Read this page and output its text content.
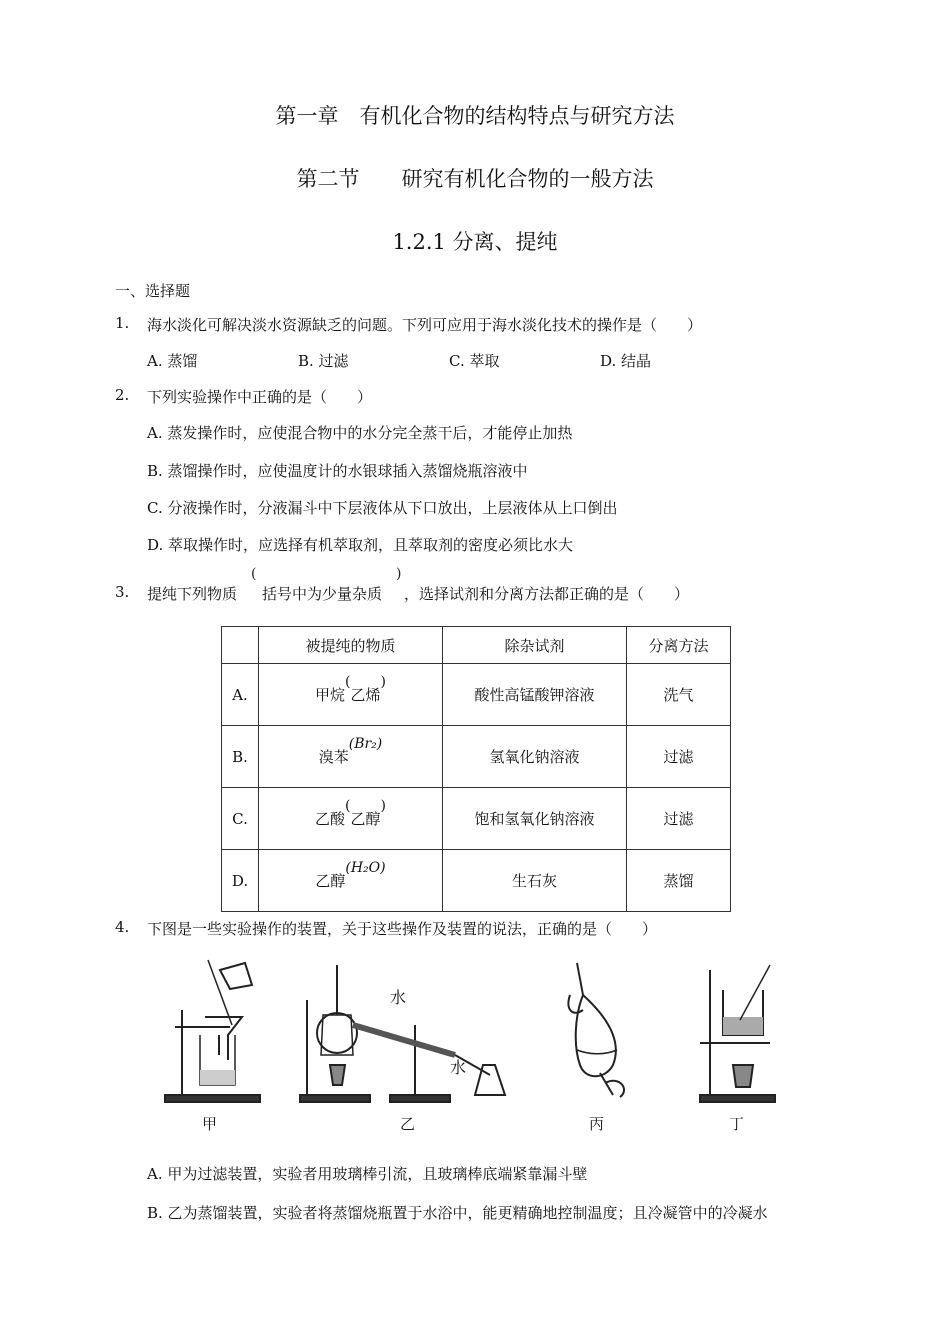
第一章　有机化合物的结构特点与研究方法
第二节　　研究有机化合物的一般方法
1.2.1 分离、提纯
一、选择题
1. 海水淡化可解决淡水资源缺乏的问题。下列可应用于海水淡化技术的操作是（　　）
A. 蒸馏	B. 过滤	C. 萃取	D. 结晶
2. 下列实验操作中正确的是（　　）
A. 蒸发操作时，应使混合物中的水分完全蒸干后，才能停止加热
B. 蒸馏操作时，应使温度计的水银球插入蒸馏烧瓶溶液中
C. 分液操作时，分液漏斗中下层液体从下口放出，上层液体从上口倒出
D. 萃取操作时，应选择有机萃取剂，且萃取剂的密度必须比水大
3. 提纯下列物质
(
括号中为少量杂质
)
，选择试剂和分离方法都正确的是（　　）
	被提纯的物质	除杂试剂	分离方法
A.	甲烷(乙烯)	酸性高锰酸钾溶液	洗气
B.	溴苯(Br₂)	氢氧化钠溶液	过滤
C.	乙酸(乙醇)	饱和氢氧化钠溶液	过滤
D.	乙醇(H₂O)	生石灰	蒸馏
4. 下图是一些实验操作的装置，关于这些操作及装置的说法，正确的是（　　）
水
水
甲	乙	丙	丁
A. 甲为过滤装置，实验者用玻璃棒引流，且玻璃棒底端紧靠漏斗壁
B. 乙为蒸馏装置，实验者将蒸馏烧瓶置于水浴中，能更精确地控制温度；且冷凝管中的冷凝水
